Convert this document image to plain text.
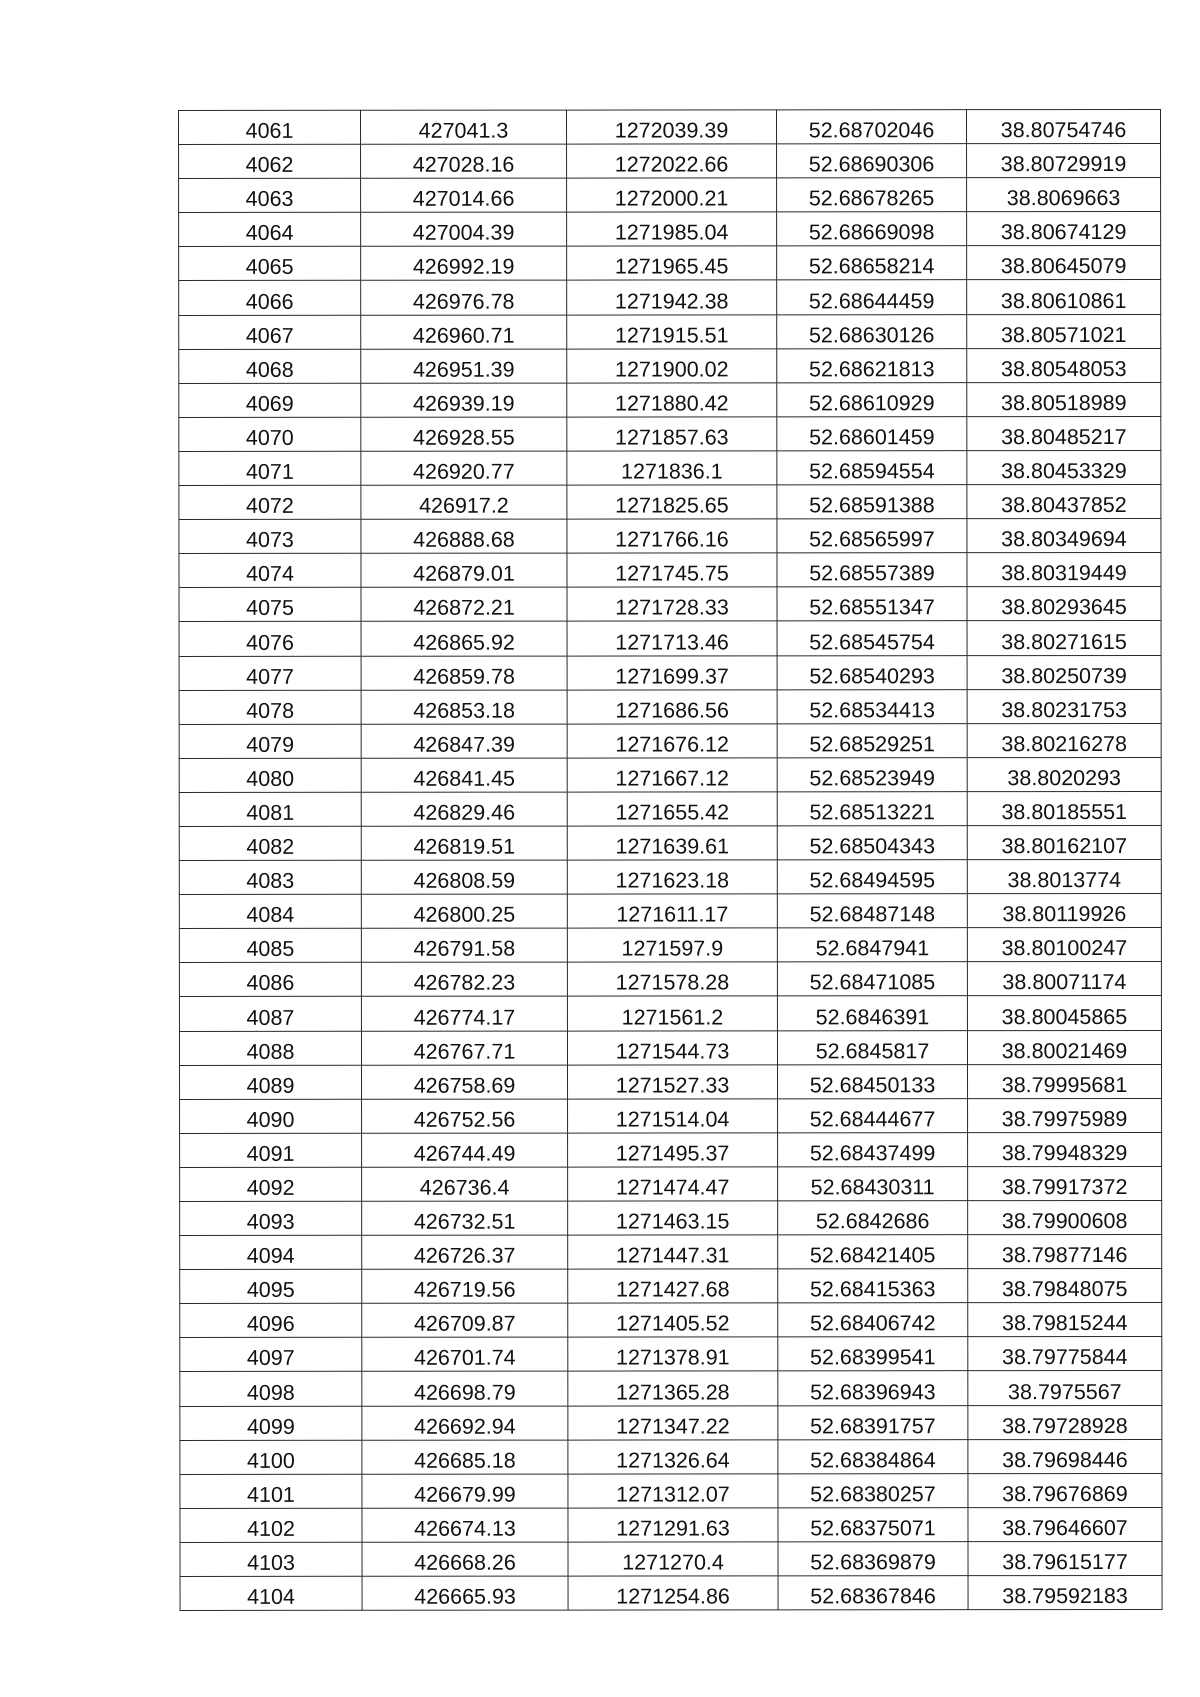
4061	427041.3	1272039.39	52.68702046	38.80754746
4062	427028.16	1272022.66	52.68690306	38.80729919
4063	427014.66	1272000.21	52.68678265	38.8069663
4064	427004.39	1271985.04	52.68669098	38.80674129
4065	426992.19	1271965.45	52.68658214	38.80645079
4066	426976.78	1271942.38	52.68644459	38.80610861
4067	426960.71	1271915.51	52.68630126	38.80571021
4068	426951.39	1271900.02	52.68621813	38.80548053
4069	426939.19	1271880.42	52.68610929	38.80518989
4070	426928.55	1271857.63	52.68601459	38.80485217
4071	426920.77	1271836.1	52.68594554	38.80453329
4072	426917.2	1271825.65	52.68591388	38.80437852
4073	426888.68	1271766.16	52.68565997	38.80349694
4074	426879.01	1271745.75	52.68557389	38.80319449
4075	426872.21	1271728.33	52.68551347	38.80293645
4076	426865.92	1271713.46	52.68545754	38.80271615
4077	426859.78	1271699.37	52.68540293	38.80250739
4078	426853.18	1271686.56	52.68534413	38.80231753
4079	426847.39	1271676.12	52.68529251	38.80216278
4080	426841.45	1271667.12	52.68523949	38.8020293
4081	426829.46	1271655.42	52.68513221	38.80185551
4082	426819.51	1271639.61	52.68504343	38.80162107
4083	426808.59	1271623.18	52.68494595	38.8013774
4084	426800.25	1271611.17	52.68487148	38.80119926
4085	426791.58	1271597.9	52.6847941	38.80100247
4086	426782.23	1271578.28	52.68471085	38.80071174
4087	426774.17	1271561.2	52.6846391	38.80045865
4088	426767.71	1271544.73	52.6845817	38.80021469
4089	426758.69	1271527.33	52.68450133	38.79995681
4090	426752.56	1271514.04	52.68444677	38.79975989
4091	426744.49	1271495.37	52.68437499	38.79948329
4092	426736.4	1271474.47	52.68430311	38.79917372
4093	426732.51	1271463.15	52.6842686	38.79900608
4094	426726.37	1271447.31	52.68421405	38.79877146
4095	426719.56	1271427.68	52.68415363	38.79848075
4096	426709.87	1271405.52	52.68406742	38.79815244
4097	426701.74	1271378.91	52.68399541	38.79775844
4098	426698.79	1271365.28	52.68396943	38.7975567
4099	426692.94	1271347.22	52.68391757	38.79728928
4100	426685.18	1271326.64	52.68384864	38.79698446
4101	426679.99	1271312.07	52.68380257	38.79676869
4102	426674.13	1271291.63	52.68375071	38.79646607
4103	426668.26	1271270.4	52.68369879	38.79615177
4104	426665.93	1271254.86	52.68367846	38.79592183
